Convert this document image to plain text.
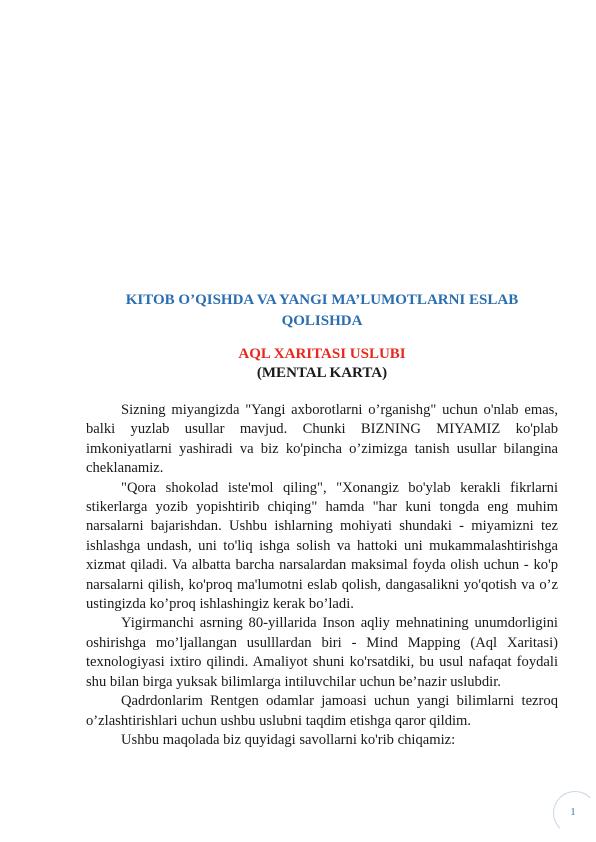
KITOB O’QISHDA VA YANGI MA’LUMOTLARNI ESLAB QOLISHDA
AQL XARITASI USLUBI
(MENTAL KARTA)

Sizning miyangizda "Yangi axborotlarni o’rganishg" uchun o'nlab emas, balki yuzlab usullar mavjud. Chunki BIZNING MIYAMIZ ko'plab imkoniyatlarni yashiradi va biz ko'pincha o’zimizga tanish usullar bilangina cheklanamiz.

"Qora shokolad iste'mol qiling", "Xonangiz bo'ylab kerakli fikrlarni stikerlarga yozib yopishtirib chiqing" hamda "har kuni tongda eng muhim narsalarni bajarishdan. Ushbu ishlarning mohiyati shundaki - miyamizni tez ishlashga undash, uni to'liq ishga solish va hattoki uni mukammalashtirishga xizmat qiladi. Va albatta barcha narsalardan maksimal foyda olish uchun - ko'p narsalarni qilish, ko'proq ma'lumotni eslab qolish, dangasalikni yo'qotish va o’z ustingizda ko’proq ishlashingiz kerak bo’ladi.

Yigirmanchi asrning 80-yillarida Inson aqliy mehnatining unumdorligini oshirishga mo’ljallangan usulllardan biri - Mind Mapping (Aql Xaritasi) texnologiyasi ixtiro qilindi. Amaliyot shuni ko'rsatdiki, bu usul nafaqat foydali shu bilan birga yuksak bilimlarga intiluvchilar uchun be’nazir uslubdir.

Qadrdonlarim Rentgen odamlar jamoasi uchun yangi bilimlarni tezroq o’zlashtirishlari uchun ushbu uslubni taqdim etishga qaror qildim.

Ushbu maqolada biz quyidagi savollarni ko'rib chiqamiz:

1
